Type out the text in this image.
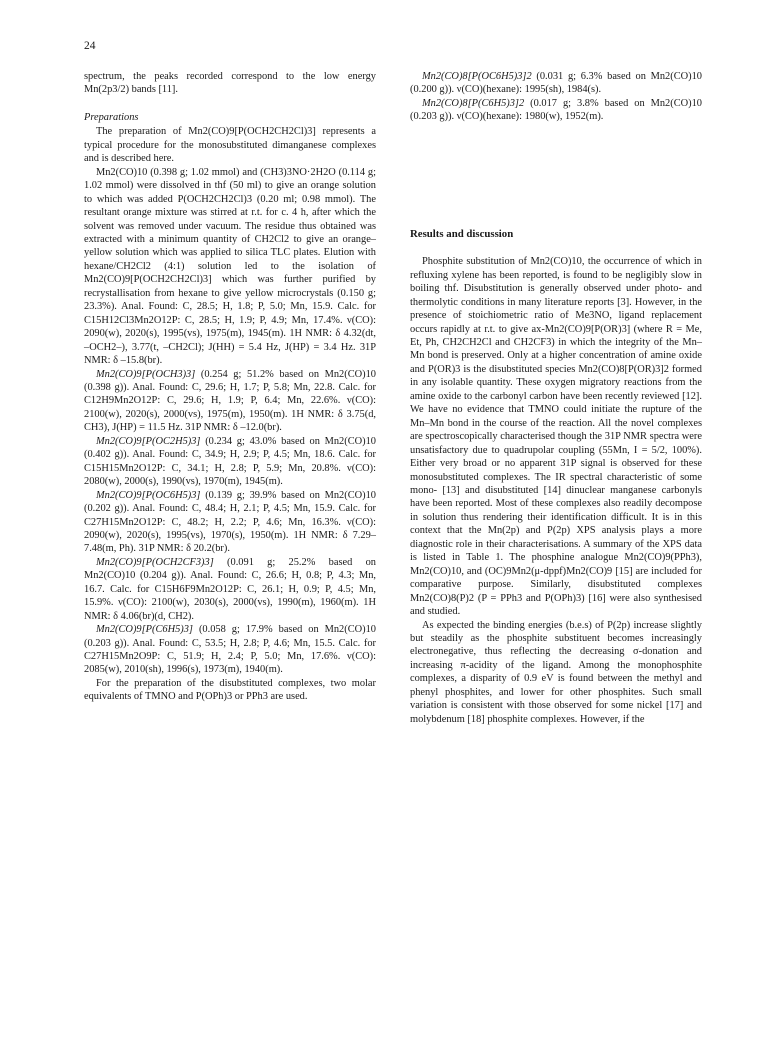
24

spectrum, the peaks recorded correspond to the low energy Mn(2p3/2) bands [11].

Preparations

The preparation of Mn2(CO)9[P(OCH2CH2Cl)3] represents a typical procedure for the monosubstituted dimanganese complexes and is described here.

Mn2(CO)10 (0.398 g; 1.02 mmol) and (CH3)3NO·2H2O (0.114 g; 1.02 mmol) were dissolved in thf (50 ml) to give an orange solution to which was added P(OCH2CH2Cl)3 (0.20 ml; 0.98 mmol). The resultant orange mixture was stirred at r.t. for c. 4 h, after which the solvent was removed under vacuum. The residue thus obtained was extracted with a minimum quantity of CH2Cl2 to give an orange–yellow solution which was applied to silica TLC plates. Elution with hexane/CH2Cl2 (4:1) solution led to the isolation of Mn2(CO)9[P(OCH2CH2Cl)3] which was further purified by recrystallisation from hexane to give yellow microcrystals (0.150 g; 23.3%). Anal. Found: C, 28.5; H, 1.8; P, 5.0; Mn, 15.9. Calc. for C15H12Cl3Mn2O12P: C, 28.5; H, 1.9; P, 4.9; Mn, 17.4%. ν(CO): 2090(w), 2020(s), 1995(vs), 1975(m), 1945(m). 1H NMR: δ 4.32(dt, –OCH2–), 3.77(t, –CH2Cl); J(HH) = 5.4 Hz, J(HP) = 3.4 Hz. 31P NMR: δ –15.8(br).

Mn2(CO)9[P(OCH3)3] (0.254 g; 51.2% based on Mn2(CO)10 (0.398 g)). Anal. Found: C, 29.6; H, 1.7; P, 5.8; Mn, 22.8. Calc. for C12H9Mn2O12P: C, 29.6; H, 1.9; P, 6.4; Mn, 22.6%. ν(CO): 2100(w), 2020(s), 2000(vs), 1975(m), 1950(m). 1H NMR: δ 3.75(d, CH3), J(HP) = 11.5 Hz. 31P NMR: δ –12.0(br).

Mn2(CO)9[P(OC2H5)3] (0.234 g; 43.0% based on Mn2(CO)10 (0.402 g)). Anal. Found: C, 34.9; H, 2.9; P, 4.5; Mn, 18.6. Calc. for C15H15Mn2O12P: C, 34.1; H, 2.8; P, 5.9; Mn, 20.8%. ν(CO): 2080(w), 2000(s), 1990(vs), 1970(m), 1945(m).

Mn2(CO)9[P(OC6H5)3] (0.139 g; 39.9% based on Mn2(CO)10 (0.202 g)). Anal. Found: C, 48.4; H, 2.1; P, 4.5; Mn, 15.9. Calc. for C27H15Mn2O12P: C, 48.2; H, 2.2; P, 4.6; Mn, 16.3%. ν(CO): 2090(w), 2020(s), 1995(vs), 1970(s), 1950(m). 1H NMR: δ 7.29–7.48(m, Ph). 31P NMR: δ 20.2(br).

Mn2(CO)9[P(OCH2CF3)3] (0.091 g; 25.2% based on Mn2(CO)10 (0.204 g)). Anal. Found: C, 26.6; H, 0.8; P, 4.3; Mn, 16.7. Calc. for C15H6F9Mn2O12P: C, 26.1; H, 0.9; P, 4.5; Mn, 15.9%. ν(CO): 2100(w), 2030(s), 2000(vs), 1990(m), 1960(m). 1H NMR: δ 4.06(br)(d, CH2).

Mn2(CO)9[P(C6H5)3] (0.058 g; 17.9% based on Mn2(CO)10 (0.203 g)). Anal. Found: C, 53.5; H, 2.8; P, 4.6; Mn, 15.5. Calc. for C27H15Mn2O9P: C, 51.9; H, 2.4; P, 5.0; Mn, 17.6%. ν(CO): 2085(w), 2010(sh), 1996(s), 1973(m), 1940(m).

For the preparation of the disubstituted complexes, two molar equivalents of TMNO and P(OPh)3 or PPh3 are used.

Mn2(CO)8[P(OC6H5)3]2 (0.031 g; 6.3% based on Mn2(CO)10 (0.200 g)). ν(CO)(hexane): 1995(sh), 1984(s).

Mn2(CO)8[P(C6H5)3]2 (0.017 g; 3.8% based on Mn2(CO)10 (0.203 g)). ν(CO)(hexane): 1980(w), 1952(m).

Results and discussion

Phosphite substitution of Mn2(CO)10, the occurrence of which in refluxing xylene has been reported, is found to be negligibly slow in boiling thf. Disubstitution is generally observed under photo- and thermolytic conditions in many literature reports [3]. However, in the presence of stoichiometric ratio of Me3NO, ligand replacement occurs rapidly at r.t. to give ax-Mn2(CO)9[P(OR)3] (where R = Me, Et, Ph, CH2CH2Cl and CH2CF3) in which the integrity of the Mn–Mn bond is preserved. Only at a higher concentration of amine oxide and P(OR)3 is the disubstituted species Mn2(CO)8[P(OR)3]2 formed in any isolable quantity. These oxygen migratory reactions from the amine oxide to the carbonyl carbon have been recently reviewed [12]. We have no evidence that TMNO could initiate the rupture of the Mn–Mn bond in the course of the reaction. All the novel complexes are spectroscopically characterised though the 31P NMR spectra were unsatisfactory due to quadrupolar coupling (55Mn, I = 5/2, 100%). Either very broad or no apparent 31P signal is observed for these monosubstituted complexes. The IR spectral characteristic of some mono- [13] and disubstituted [14] dinuclear manganese carbonyls have been reported. Most of these complexes also readily decompose in solution thus rendering their identification difficult. It is in this context that the Mn(2p) and P(2p) XPS analysis plays a more diagnostic role in their characterisations. A summary of the XPS data is listed in Table 1. The phosphine analogue Mn2(CO)9(PPh3), Mn2(CO)10, and (OC)9Mn2(μ-dppf)Mn2(CO)9 [15] are included for comparative purpose. Similarly, disubstituted complexes Mn2(CO)8(P)2 (P = PPh3 and P(OPh)3) [16] were also synthesised and studied.

As expected the binding energies (b.e.s) of P(2p) increase slightly but steadily as the phosphite substituent becomes increasingly electronegative, thus reflecting the decreasing σ-donation and increasing π-acidity of the ligand. Among the monophosphite complexes, a disparity of 0.9 eV is found between the methyl and phenyl phosphites, and lower for other phosphites. Such small variation is consistent with those observed for some nickel [17] and molybdenum [18] phosphite complexes. However, if the
